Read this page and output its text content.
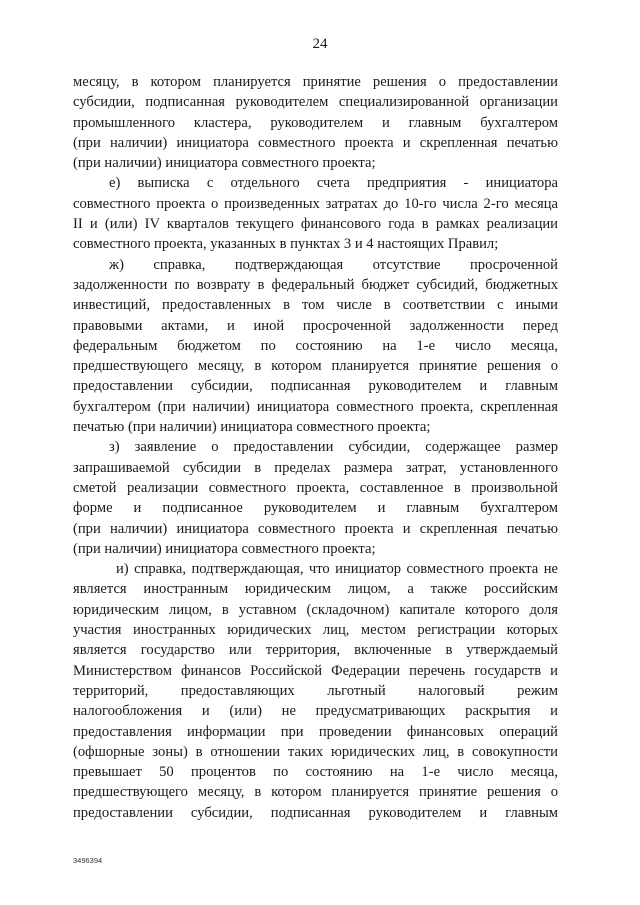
24

месяцу, в котором планируется принятие решения о предоставлении
субсидии, подписанная руководителем специализированной организации
промышленного кластера, руководителем и главным бухгалтером
(при наличии) инициатора совместного проекта и скрепленная печатью
(при наличии) инициатора совместного проекта;

е) выписка с отдельного счета предприятия - инициатора
совместного проекта о произведенных затратах до 10-го числа 2-го месяца
II и (или) IV кварталов текущего финансового года в рамках реализации
совместного проекта, указанных в пунктах 3 и 4 настоящих Правил;

ж) справка, подтверждающая отсутствие просроченной
задолженности по возврату в федеральный бюджет субсидий, бюджетных
инвестиций, предоставленных в том числе в соответствии с иными
правовыми актами, и иной просроченной задолженности перед
федеральным бюджетом по состоянию на 1-е число месяца,
предшествующего месяцу, в котором планируется принятие решения о
предоставлении субсидии, подписанная руководителем и главным
бухгалтером (при наличии) инициатора совместного проекта, скрепленная
печатью (при наличии) инициатора совместного проекта;

з) заявление о предоставлении субсидии, содержащее размер
запрашиваемой субсидии в пределах размера затрат, установленного
сметой реализации совместного проекта, составленное в произвольной
форме и подписанное руководителем и главным бухгалтером
(при наличии) инициатора совместного проекта и скрепленная печатью
(при наличии) инициатора совместного проекта;

и) справка, подтверждающая, что инициатор совместного проекта не
является иностранным юридическим лицом, а также российским
юридическим лицом, в уставном (складочном) капитале которого доля
участия иностранных юридических лиц, местом регистрации которых
является государство или территория, включенные в утверждаемый
Министерством финансов Российской Федерации перечень государств и
территорий, предоставляющих льготный налоговый режим
налогообложения и (или) не предусматривающих раскрытия и
предоставления информации при проведении финансовых операций
(офшорные зоны) в отношении таких юридических лиц, в совокупности
превышает 50 процентов по состоянию на 1-е число месяца,
предшествующего месяцу, в котором планируется принятие решения о
предоставлении субсидии, подписанная руководителем и главным

3496394
